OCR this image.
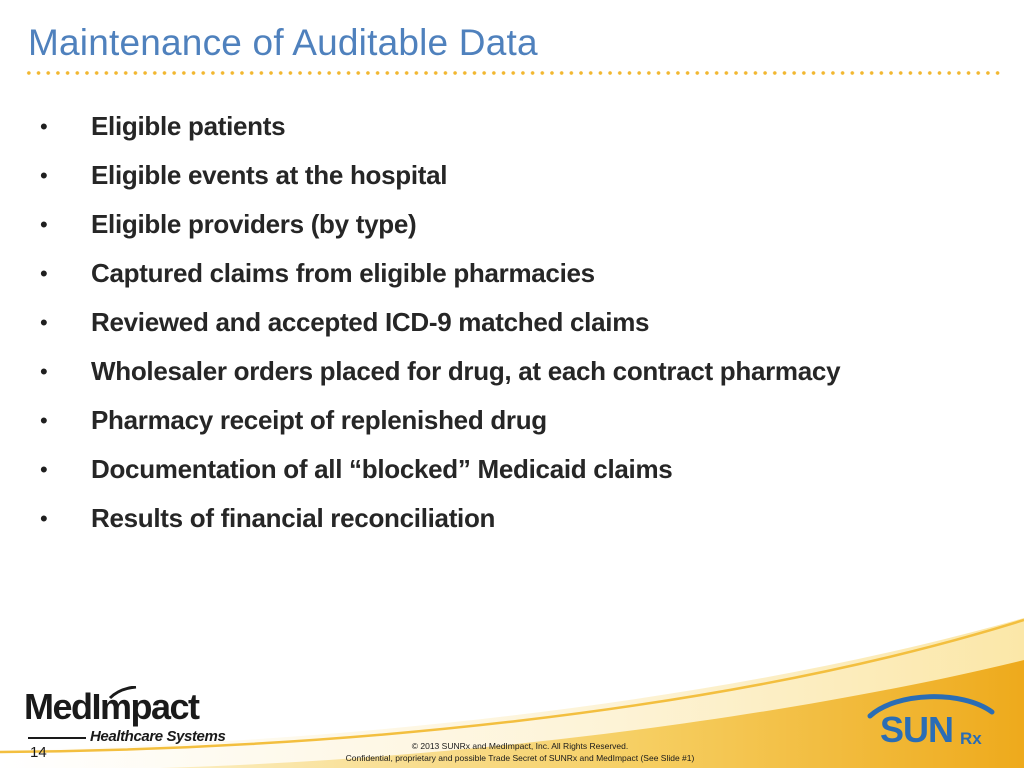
Maintenance of Auditable Data
•	Eligible patients
•	Eligible events at the hospital
•	Eligible providers (by type)
•	Captured claims from eligible pharmacies
•	Reviewed and accepted ICD-9 matched claims
•	Wholesaler orders placed for drug, at each contract pharmacy
•	Pharmacy receipt of replenished drug
•	Documentation of all “blocked” Medicaid claims
•	Results of financial reconciliation
MedImpact
Healthcare Systems
14	© 2013 SUNRx and MedImpact, Inc. All Rights Reserved.
Confidential, proprietary and possible Trade Secret of SUNRx and MedImpact (See Slide #1)
SUN Rx
